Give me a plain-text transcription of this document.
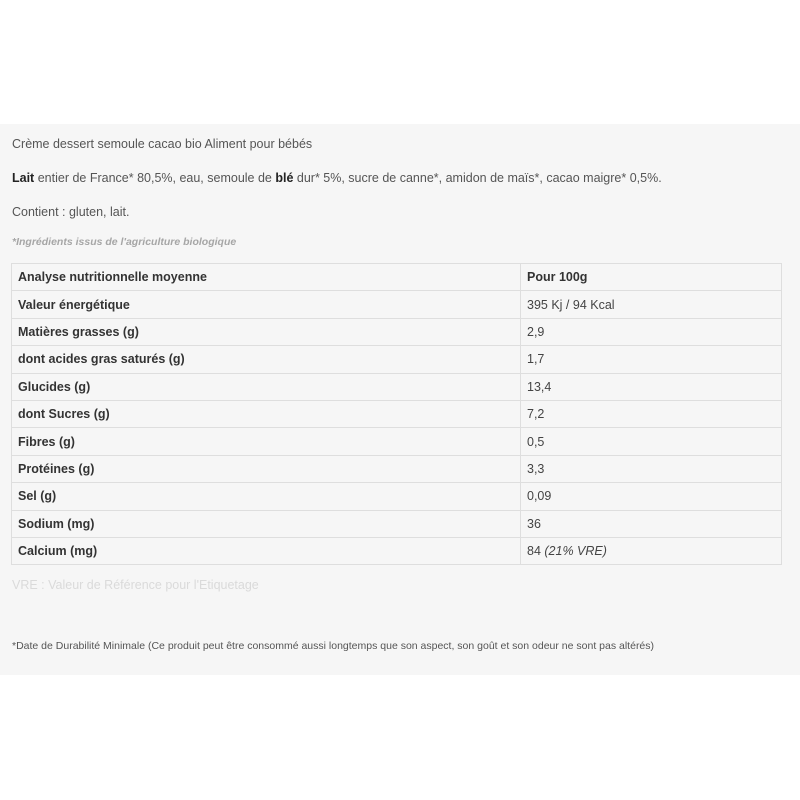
Crème dessert semoule cacao bio Aliment pour bébés
Lait entier de France* 80,5%, eau, semoule de blé dur* 5%, sucre de canne*, amidon de maïs*, cacao maigre* 0,5%.
Contient : gluten, lait.
*Ingrédients issus de l'agriculture biologique
Analyse nutritionnelle moyenne	Pour 100g
Valeur énergétique	395 Kj / 94 Kcal
Matières grasses (g)	2,9
dont acides gras saturés (g)	1,7
Glucides (g)	13,4
dont Sucres (g)	7,2
Fibres (g)	0,5
Protéines (g)	3,3
Sel (g)	0,09
Sodium (mg)	36
Calcium (mg)	84 (21% VRE)
VRE : Valeur de Référence pour l'Etiquetage
*Date de Durabilité Minimale (Ce produit peut être consommé aussi longtemps que son aspect, son goût et son odeur ne sont pas altérés)
